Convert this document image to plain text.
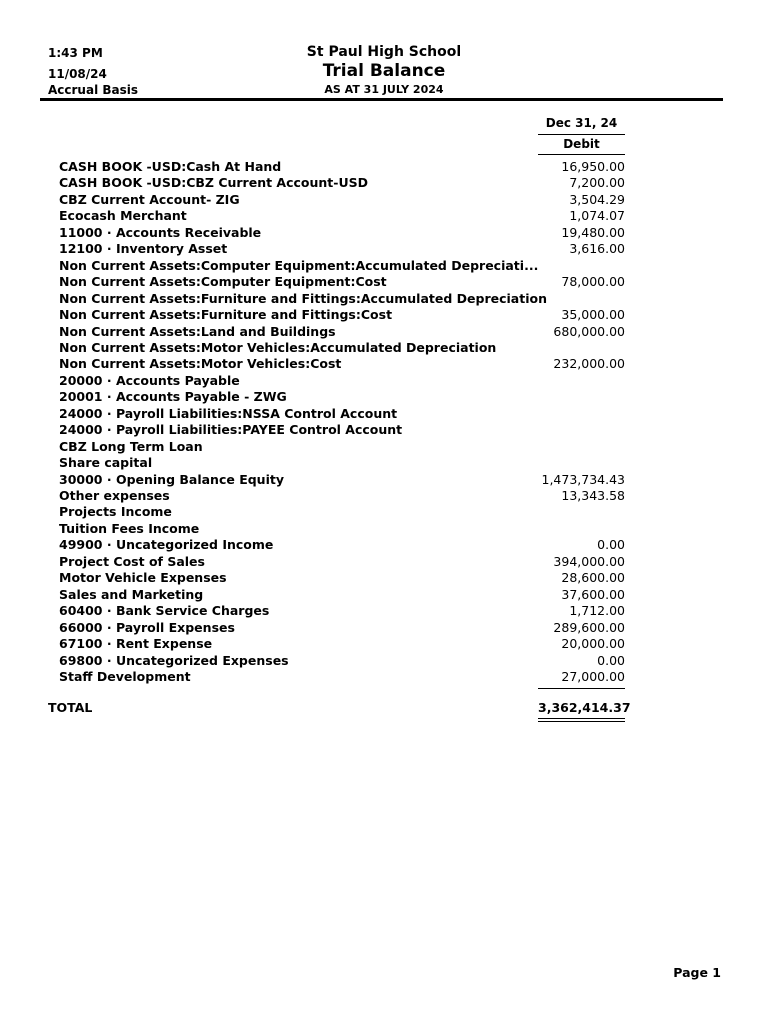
1:43 PM
11/08/24
Accrual Basis
St Paul High School
Trial Balance
AS AT 31 JULY 2024
Dec 31, 24
Debit
CASH BOOK -USD:Cash At Hand	16,950.00
CASH BOOK -USD:CBZ Current Account-USD	7,200.00
CBZ Current Account- ZIG	3,504.29
Ecocash Merchant	1,074.07
11000 · Accounts Receivable	19,480.00
12100 · Inventory Asset	3,616.00
Non Current Assets:Computer Equipment:Accumulated Depreciati...
Non Current Assets:Computer Equipment:Cost	78,000.00
Non Current Assets:Furniture and Fittings:Accumulated Depreciation
Non Current Assets:Furniture and Fittings:Cost	35,000.00
Non Current Assets:Land and Buildings	680,000.00
Non Current Assets:Motor Vehicles:Accumulated Depreciation
Non Current Assets:Motor Vehicles:Cost	232,000.00
20000 · Accounts Payable
20001 · Accounts Payable - ZWG
24000 · Payroll Liabilities:NSSA Control Account
24000 · Payroll Liabilities:PAYEE Control Account
CBZ Long Term Loan
Share capital
30000 · Opening Balance Equity	1,473,734.43
Other expenses	13,343.58
Projects Income
Tuition Fees Income
49900 · Uncategorized Income	0.00
Project Cost of Sales	394,000.00
Motor Vehicle Expenses	28,600.00
Sales and Marketing	37,600.00
60400 · Bank Service Charges	1,712.00
66000 · Payroll Expenses	289,600.00
67100 · Rent Expense	20,000.00
69800 · Uncategorized Expenses	0.00
Staff Development	27,000.00
TOTAL	3,362,414.37
Page 1
